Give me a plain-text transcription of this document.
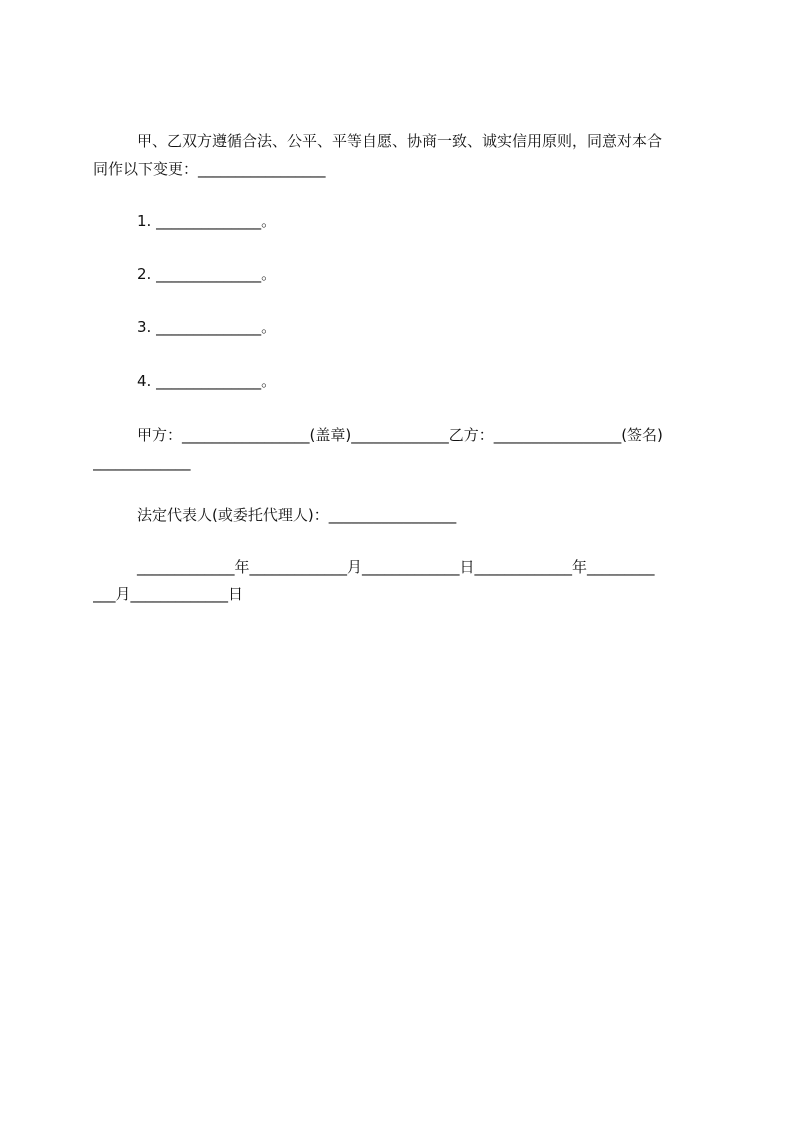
甲、乙双方遵循合法、公平、平等自愿、协商一致、诚实信用原则，同意对本合
同作以下变更：_________________
1. ______________。
2. ______________。
3. ______________。
4. ______________。
甲方：_________________(盖章)_____________乙方：_________________(签名)
_____________
法定代表人(或委托代理人)：_________________
_____________年_____________月_____________日_____________年_________
___月_____________日
